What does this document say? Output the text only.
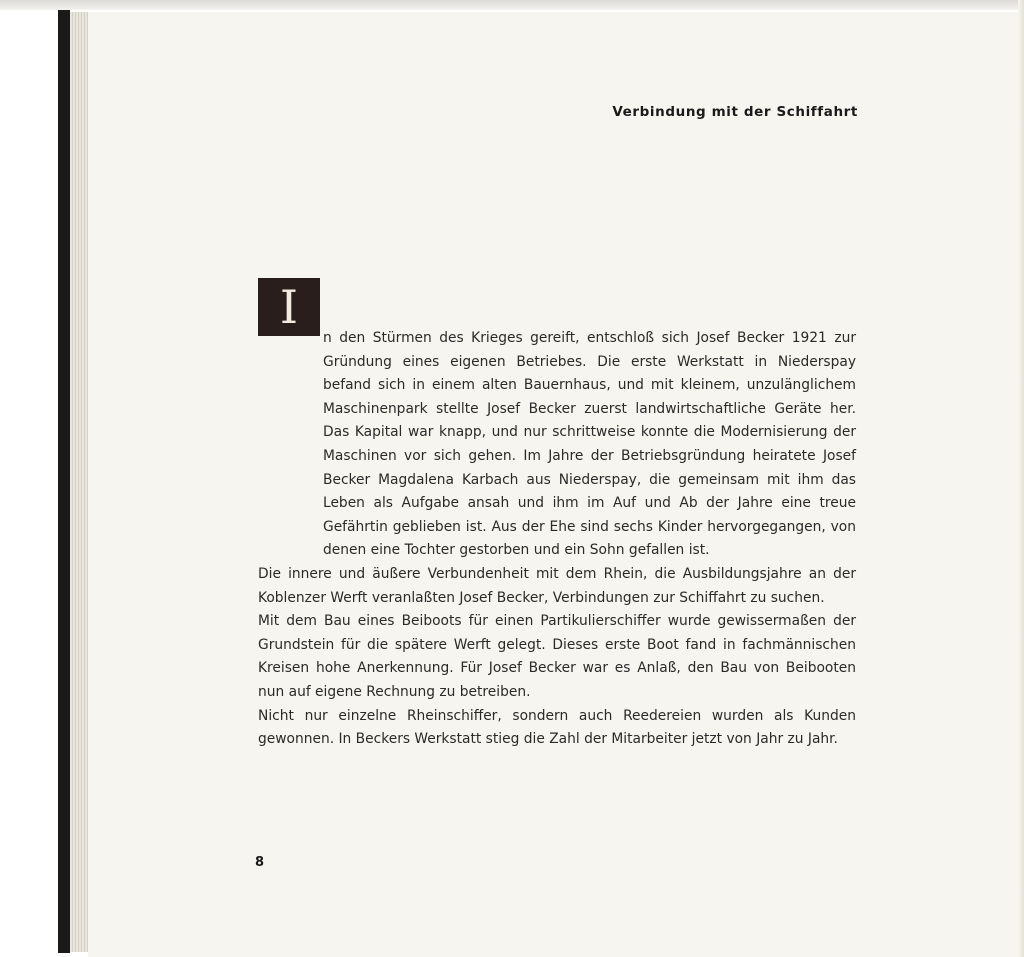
Verbindung mit der Schiffahrt
I

n den Stürmen des Krieges gereift, entschloß sich Josef Becker 1921 zur Gründung eines eigenen Betriebes. Die erste Werkstatt in Niederspay befand sich in einem alten Bauernhaus, und mit kleinem, unzulänglichem Maschinenpark stellte Josef Becker zuerst landwirtschaftliche Geräte her. Das Kapital war knapp, und nur schrittweise konnte die Modernisierung der Maschinen vor sich gehen. Im Jahre der Betriebsgründung heiratete Josef Becker Magdalena Karbach aus Niederspay, die gemeinsam mit ihm das Leben als Aufgabe ansah und ihm im Auf und Ab der Jahre eine treue Gefährtin geblieben ist. Aus der Ehe sind sechs Kinder hervorgegangen, von denen eine Tochter gestorben und ein Sohn gefallen ist.

Die innere und äußere Verbundenheit mit dem Rhein, die Ausbildungsjahre an der Koblenzer Werft veranlaßten Josef Becker, Verbindungen zur Schiffahrt zu suchen.

Mit dem Bau eines Beiboots für einen Partikulierschiffer wurde gewissermaßen der Grundstein für die spätere Werft gelegt. Dieses erste Boot fand in fachmännischen Kreisen hohe Anerkennung. Für Josef Becker war es Anlaß, den Bau von Beibooten nun auf eigene Rechnung zu betreiben.

Nicht nur einzelne Rheinschiffer, sondern auch Reedereien wurden als Kunden gewonnen. In Beckers Werkstatt stieg die Zahl der Mitarbeiter jetzt von Jahr zu Jahr.

8
